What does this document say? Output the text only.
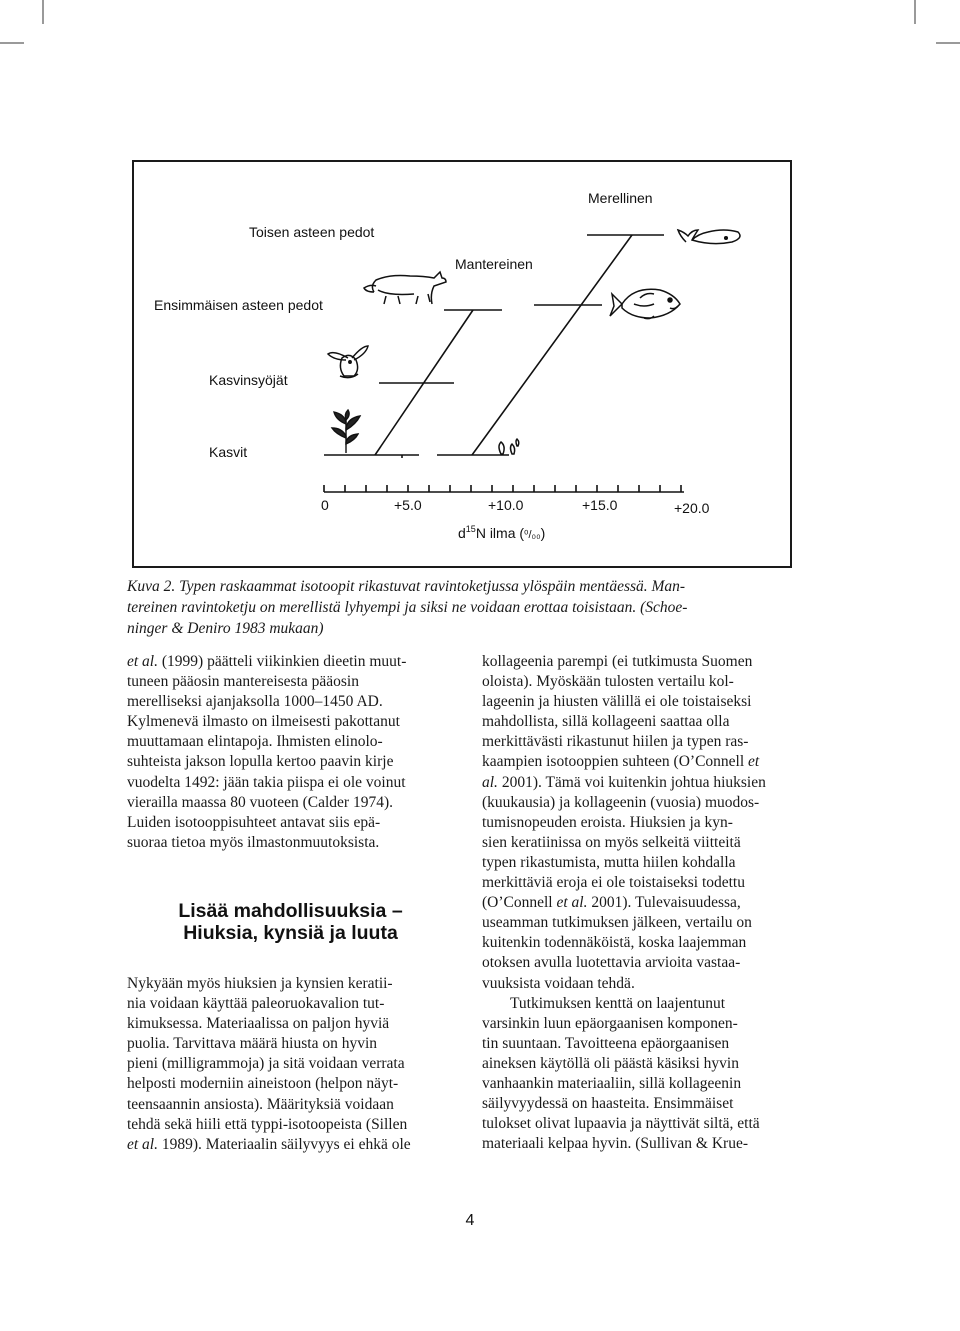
Toisen asteen pedot
Ensimmäisen asteen pedot
Kasvinsyöjät
Kasvit
Merellinen
Mantereinen
0	+5.0	+10.0	+15.0	+20.0
$d^{15}N$ ilma (⁰/₀₀)
Kuva 2. Typen raskaammat isotoopit rikastuvat ravintoketjussa ylöspäin mentäessä. Man-
tereinen ravintoketju on merellistä lyhyempi ja siksi ne voidaan erottaa toisistaan. (Schoe-
ninger & Deniro 1983 mukaan)
et al. (1999) päätteli viikinkien dieetin muut-
tuneen pääosin mantereisesta pääosin
merelliseksi ajanjaksolla 1000–1450 AD.
Kylmenevä ilmasto on ilmeisesti pakottanut
muuttamaan elintapoja. Ihmisten elinolo-
suhteista jakson lopulla kertoo paavin kirje
vuodelta 1492: jään takia piispa ei ole voinut
vierailla maassa 80 vuoteen (Calder 1974).
Luiden isotooppisuhteet antavat siis epä-
suoraa tietoa myös ilmastonmuutoksista.
Lisää mahdollisuuksia –
Hiuksia, kynsiä ja luuta
Nykyään myös hiuksien ja kynsien keratii-
nia voidaan käyttää paleoruokavalion tut-
kimuksessa. Materiaalissa on paljon hyviä
puolia. Tarvittava määrä hiusta on hyvin
pieni (milligrammoja) ja sitä voidaan verrata
helposti moderniin aineistoon (helpon näyt-
teensaannin ansiosta). Määrityksiä voidaan
tehdä sekä hiili että typpi-isotoopeista (Sillen
et al. 1989). Materiaalin säilyvyys ei ehkä ole
kollageenia parempi (ei tutkimusta Suomen
oloista). Myöskään tulosten vertailu kol-
lageenin ja hiusten välillä ei ole toistaiseksi
mahdollista, sillä kollageeni saattaa olla
merkittävästi rikastunut hiilen ja typen ras-
kaampien isotooppien suhteen (O’Connell et
al. 2001). Tämä voi kuitenkin johtua hiuksien
(kuukausia) ja kollageenin (vuosia) muodos-
tumisnopeuden eroista. Hiuksien ja kyn-
sien keratiinissa on myös selkeitä viitteitä
typen rikastumista, mutta hiilen kohdalla
merkittäviä eroja ei ole toistaiseksi todettu
(O’Connell et al. 2001). Tulevaisuudessa,
useamman tutkimuksen jälkeen, vertailu on
kuitenkin todennäköistä, koska laajemman
otoksen avulla luotettavia arvioita vastaa-
vuuksista voidaan tehdä.
Tutkimuksen kenttä on laajentunut
varsinkin luun epäorgaanisen komponen-
tin suuntaan. Tavoitteena epäorgaanisen
aineksen käytöllä oli päästä käsiksi hyvin
vanhaankin materiaaliin, sillä kollageenin
säilyvyydessä on haasteita. Ensimmäiset
tulokset olivat lupaavia ja näyttivät siltä, että
materiaali kelpaa hyvin. (Sullivan & Krue-
4
